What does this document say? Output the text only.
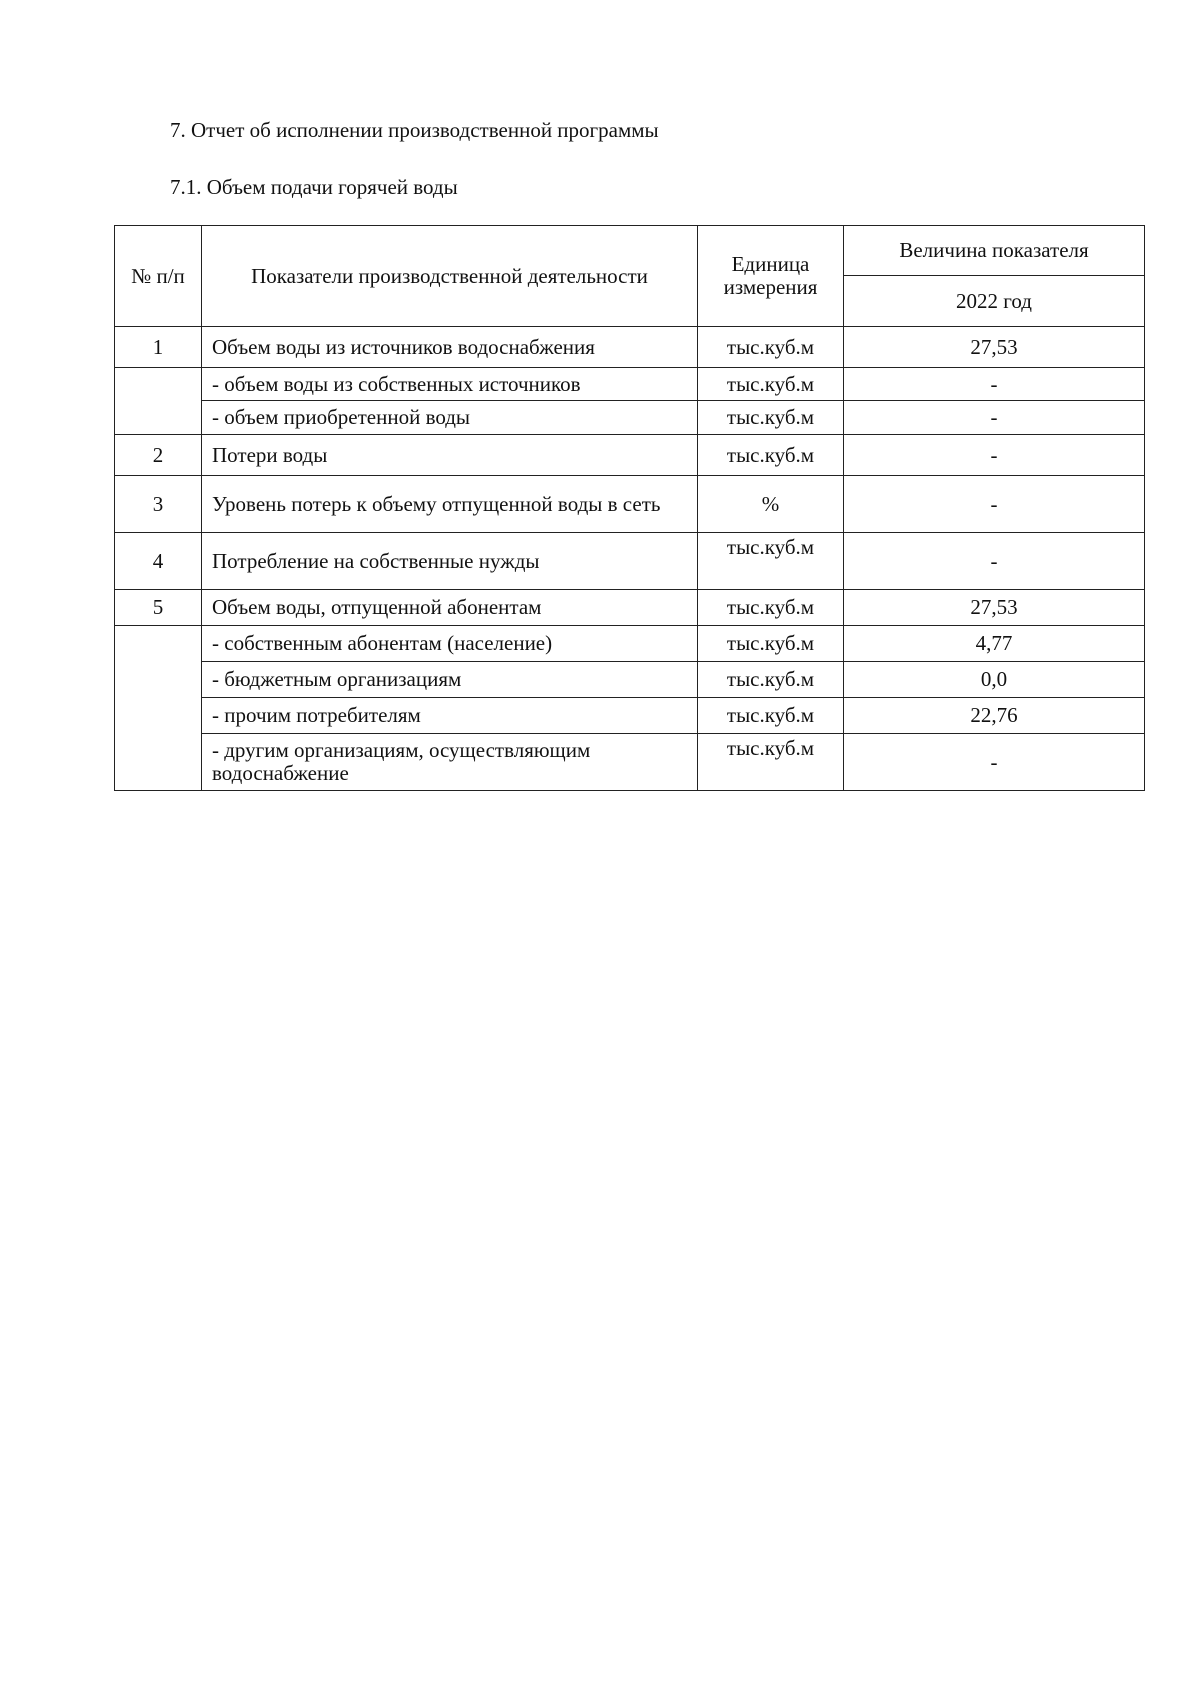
7. Отчет об исполнении производственной программы
7.1. Объем подачи горячей воды
№ п/п	Показатели производственной деятельности	Единица измерения	Величина показателя
			2022 год
1	Объем воды из источников водоснабжения	тыс.куб.м	27,53
	- объем воды из собственных источников	тыс.куб.м	-
	- объем приобретенной воды	тыс.куб.м	-
2	Потери воды	тыс.куб.м	-
3	Уровень потерь к объему отпущенной воды в сеть	%	-
4	Потребление на собственные нужды	тыс.куб.м	-
5	Объем воды, отпущенной абонентам	тыс.куб.м	27,53
	- собственным абонентам (население)	тыс.куб.м	4,77
	- бюджетным организациям	тыс.куб.м	0,0
	- прочим потребителям	тыс.куб.м	22,76
	- другим организациям, осуществляющим водоснабжение	тыс.куб.м	-
